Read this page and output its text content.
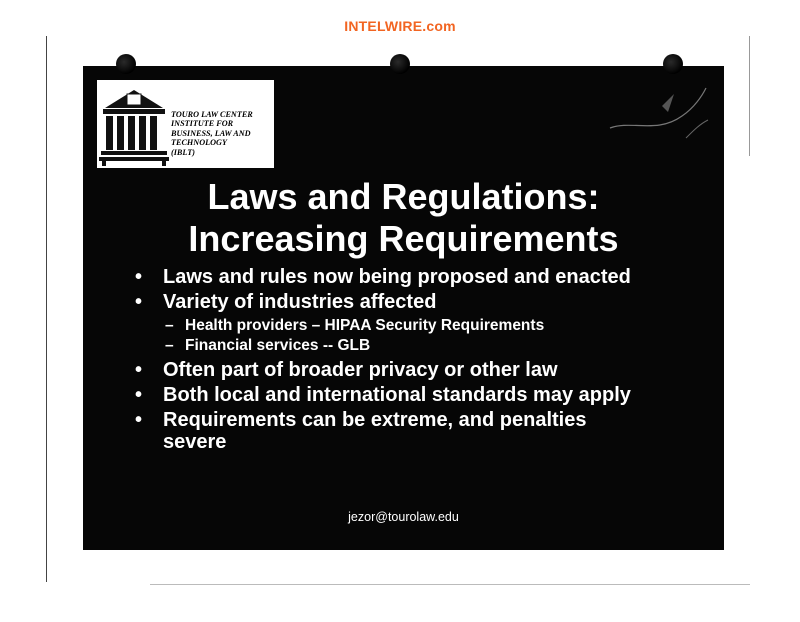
INTELWIRE.com
TOURO LAW CENTER
INSTITUTE FOR
BUSINESS, LAW AND
TECHNOLOGY
(IBLT)
Laws and Regulations:
Increasing Requirements
• Laws and rules now being proposed and enacted
• Variety of industries affected
– Health providers – HIPAA Security Requirements
– Financial services -- GLB
• Often part of broader privacy or other law
• Both local and international standards may apply
• Requirements can be extreme, and penalties severe
jezor@tourolaw.edu
